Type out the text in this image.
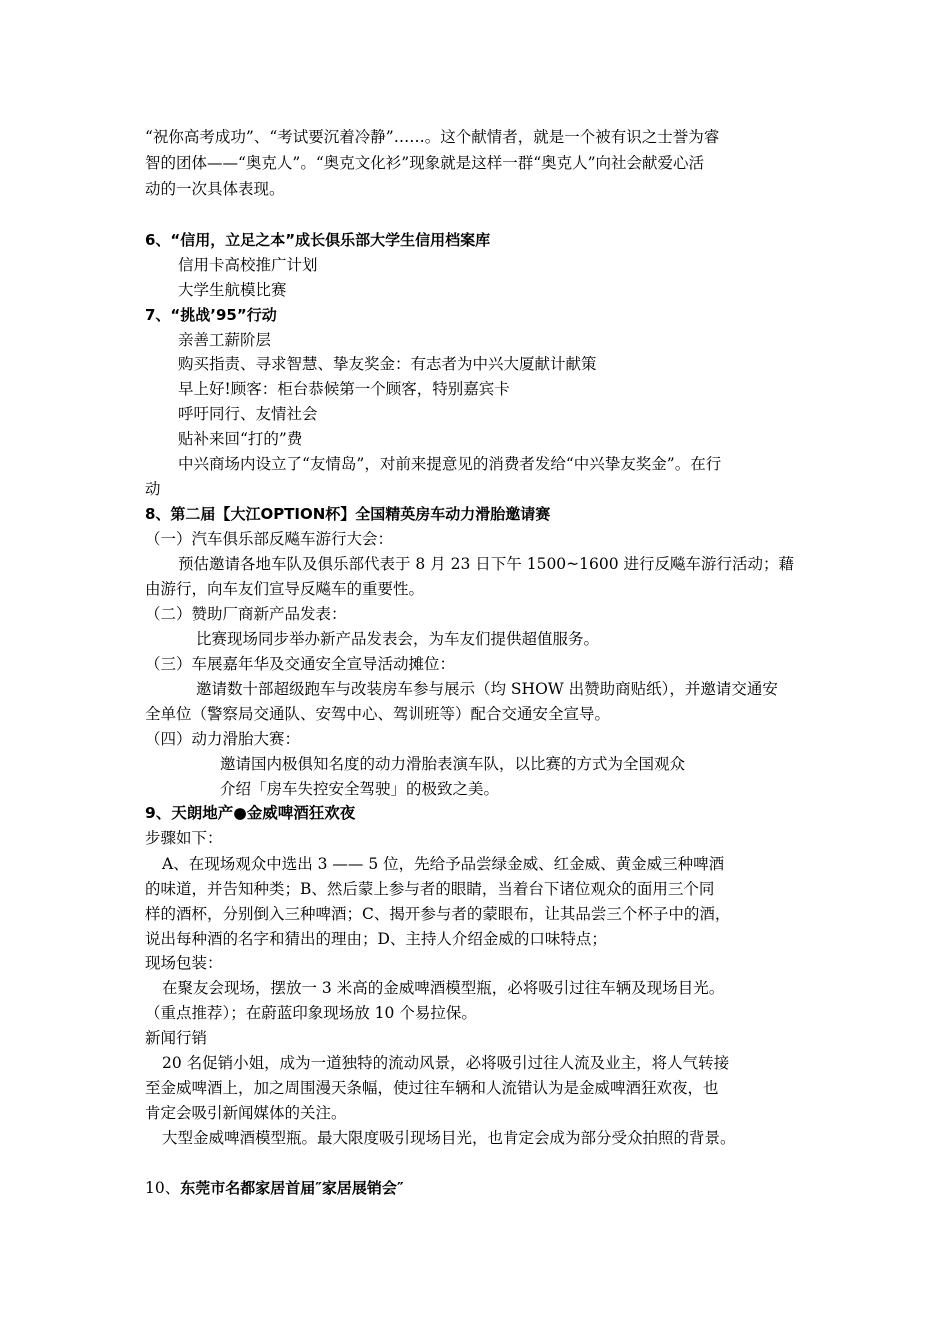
“祝你高考成功”、“考试要沉着冷静”……。这个献情者，就是一个被有识之士誉为睿
智的团体——“奥克人”。“奥克文化衫”现象就是这样一群“奥克人”向社会献爱心活
动的一次具体表现。
6、“信用，立足之本”成长俱乐部大学生信用档案库
信用卡高校推广计划
大学生航模比赛
7、“挑战’95”行动
亲善工薪阶层
购买指责、寻求智慧、挚友奖金：有志者为中兴大厦献计献策
早上好!顾客：柜台恭候第一个顾客，特别嘉宾卡
呼吁同行、友情社会
贴补来回“打的”费
中兴商场内设立了“友情岛”，对前来提意见的消费者发给“中兴挚友奖金”。在行
动
8、第二届【大江OPTION杯】全国精英房车动力滑胎邀请赛
（一）汽车俱乐部反飚车游行大会：
预估邀请各地车队及俱乐部代表于 8 月 23 日下午 1500~1600 进行反飚车游行活动；藉
由游行，向车友们宣导反飚车的重要性。
（二）赞助厂商新产品发表：
比赛现场同步举办新产品发表会，为车友们提供超值服务。
（三）车展嘉年华及交通安全宣导活动摊位：
邀请数十部超级跑车与改装房车参与展示（均 SHOW 出赞助商贴纸），并邀请交通安
全单位（警察局交通队、安驾中心、驾训班等）配合交通安全宣导。
（四）动力滑胎大赛：
邀请国内极俱知名度的动力滑胎表演车队，以比赛的方式为全国观众
介绍「房车失控安全驾驶」的极致之美。
9、天朗地产●金威啤酒狂欢夜
步骤如下：
A、在现场观众中选出 3 —— 5 位，先给予品尝绿金威、红金威、黄金威三种啤酒
的味道，并告知种类；B、然后蒙上参与者的眼睛，当着台下诸位观众的面用三个同
样的酒杯，分别倒入三种啤酒；C、揭开参与者的蒙眼布，让其品尝三个杯子中的酒，
说出每种酒的名字和猜出的理由；D、主持人介绍金威的口味特点；
现场包装：
在聚友会现场，摆放一 3 米高的金威啤酒模型瓶，必将吸引过往车辆及现场目光。
（重点推荐）；在蔚蓝印象现场放 10 个易拉保。
新闻行销
20 名促销小姐，成为一道独特的流动风景，必将吸引过往人流及业主，将人气转接
至金威啤酒上，加之周围漫天条幅，使过往车辆和人流错认为是金威啤酒狂欢夜，也
肯定会吸引新闻媒体的关注。
大型金威啤酒模型瓶。最大限度吸引现场目光，也肯定会成为部分受众拍照的背景。
10、东莞市名都家居首届″家居展销会″
